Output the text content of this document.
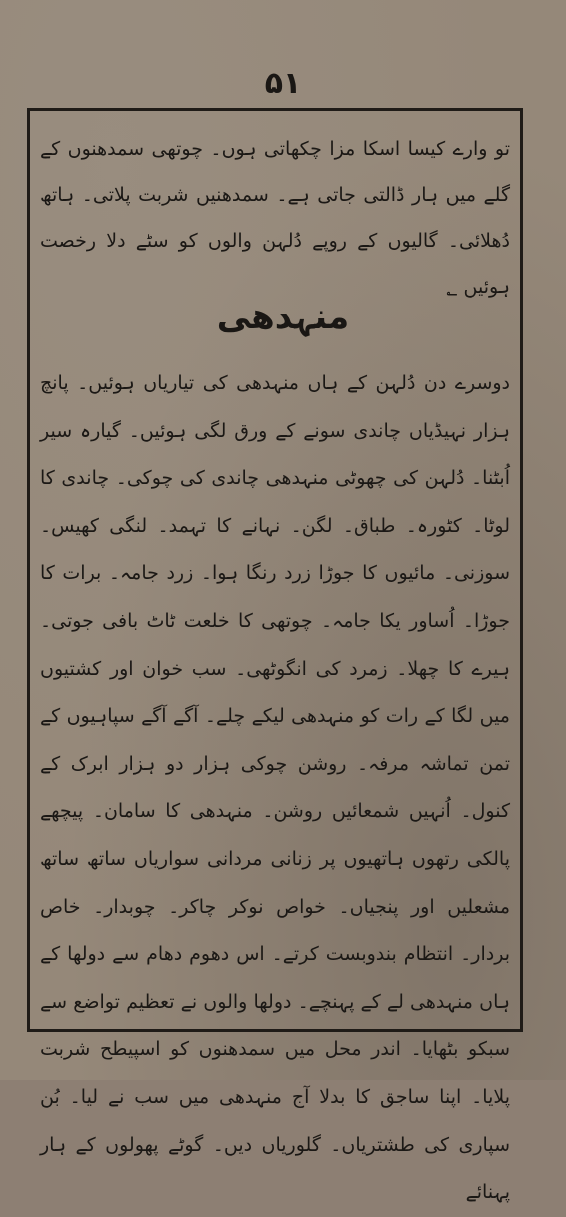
۵۱

تو وارے کیسا اسکا مزا چکھاتی ہوں۔ چوتھی سمدھنوں کے گلے میں ہار ڈالتی جاتی ہے۔ سمدھنیں شربت پلاتی۔ ہاتھ دُھلائی۔ گالیوں کے روپے دُلہن والوں کو سٹے دلا رخصت ہوئیں ؂

منہدھی

دوسرے دن دُلہن کے ہاں منہدھی کی تیاریاں ہوئیں۔ پانچ ہزار نہیڈیاں چاندی سونے کے ورق لگی ہوئیں۔ گیارہ سیر اُبٹنا۔ دُلہن کی چھوٹی منہدھی چاندی کی چوکی۔ چاندی کا لوٹا۔ کٹورہ۔ طباق۔ لگن۔ نہانے کا تہمد۔ لنگی کھیس۔ سوزنی۔ مائیوں کا جوڑا زرد رنگا ہوا۔ زرد جامہ۔ برات کا جوڑا۔ اُساور یکا جامہ۔ چوتھی کا خلعت ٹاٹ بافی جوتی۔ ہیرے کا چھلا۔ زمرد کی انگوٹھی۔ سب خوان اور کشتیوں میں لگا کے رات کو منہدھی لیکے چلے۔ آگے آگے سپاہیوں کے تمن تماشہ مرفہ۔ روشن چوکی ہزار دو ہزار ابرک کے کنول۔ اُنہیں شمعائیں روشن۔ منہدھی کا سامان۔ پیچھے پالکی رتھوں ہاتھیوں پر زنانی مردانی سواریاں ساتھ ساتھ مشعلیں اور پنجیاں۔ خواص نوکر چاکر۔ چوبدار۔ خاص بردار۔ انتظام بندوبست کرتے۔ اس دھوم دھام سے دولھا کے ہاں منہدھی لے کے پہنچے۔ دولھا والوں نے تعظیم تواضع سے سبکو بٹھایا۔ اندر محل میں سمدھنوں کو اسپیطح شربت پلایا۔ اپنا ساجق کا بدلا آج منہدھی میں سب نے لیا۔ بُن سپاری کی طشتریاں۔ گلوریاں دیں۔ گوٹے پھولوں کے ہار پہنائے
